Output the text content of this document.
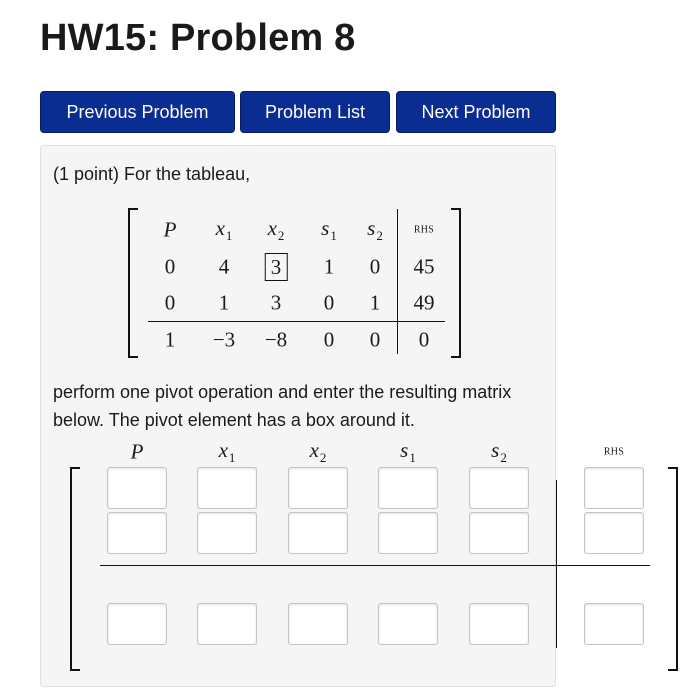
HW15: Problem 8
Previous Problem	Problem List	Next Problem
(1 point) For the tableau,
P $x_1$ $x_2$ $s_1$ $s_2$	RHS
0 4 3 1 0 45
0 1 3 0 1 49
1 −3 −8 0 0 0
perform one pivot operation and enter the resulting matrix below. The pivot element has a box around it.
P	$x_1$	$x_2$	$s_1$	$s_2$	RHS
